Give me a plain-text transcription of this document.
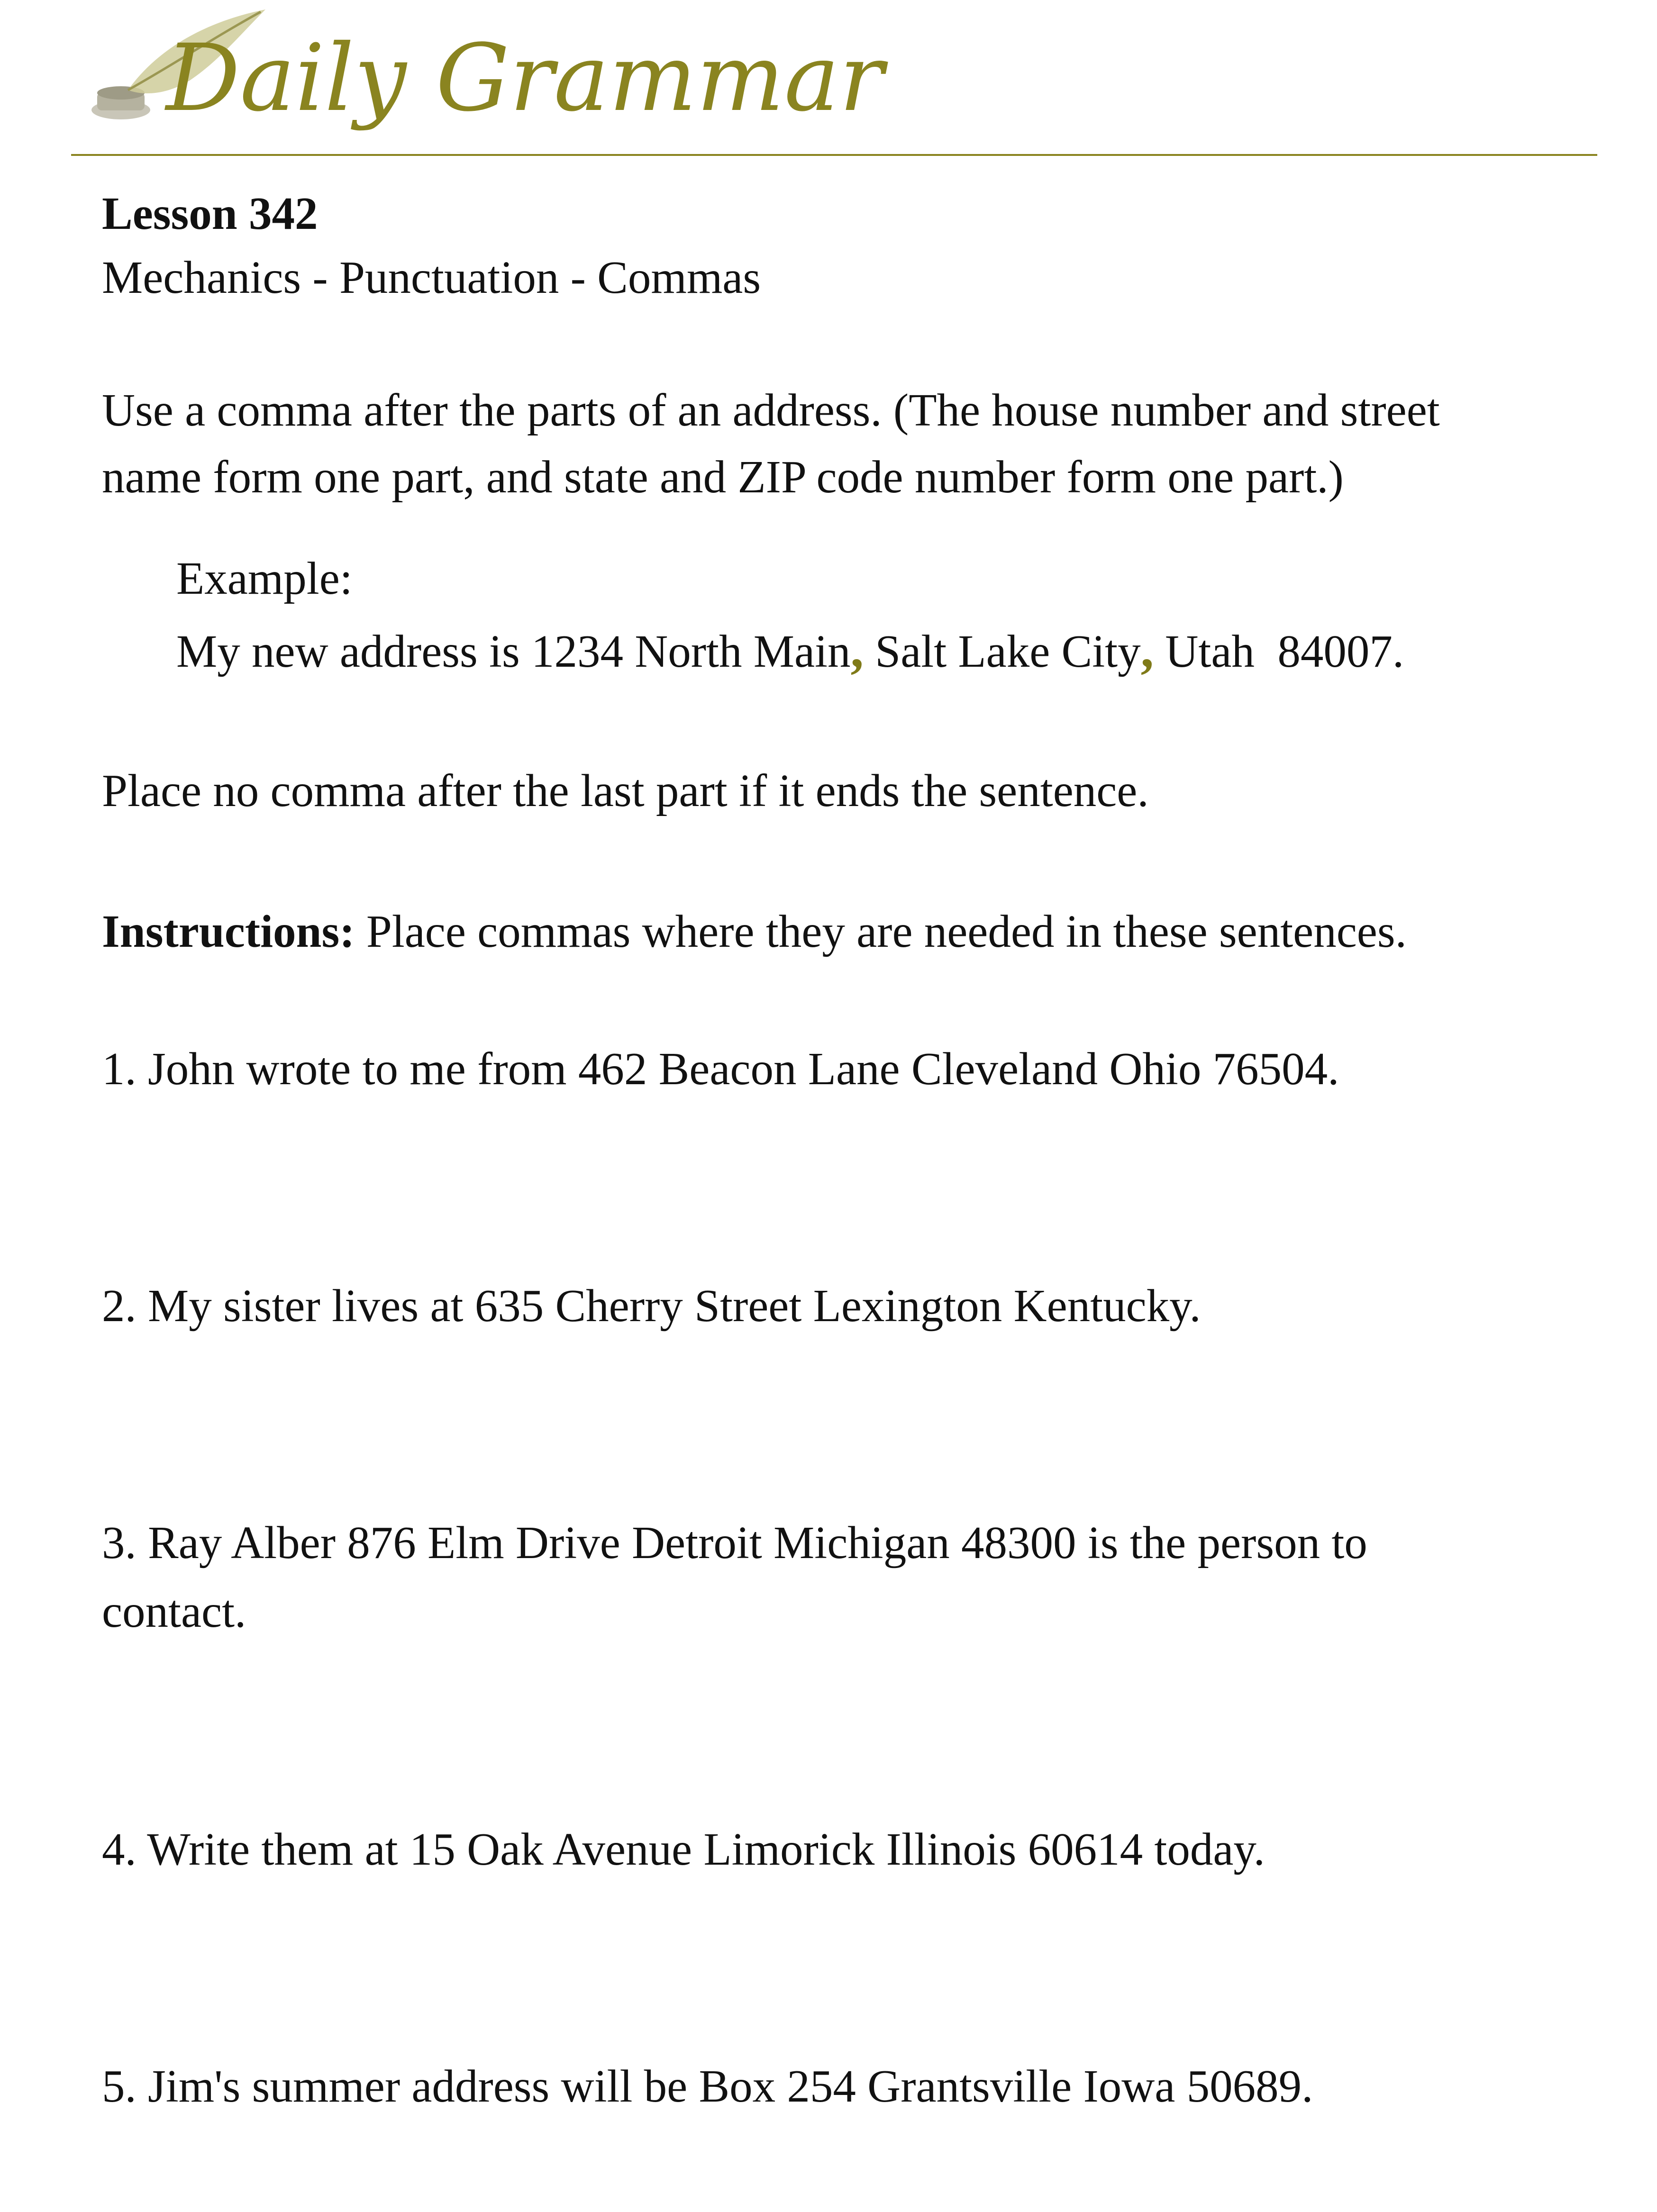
Daily Grammar

Lesson 342

Mechanics - Punctuation - Commas

Use a comma after the parts of an address. (The house number and street

name form one part, and state and ZIP code number form one part.)

Example:

My new address is 1234 North Main, Salt Lake City, Utah  84007.

Place no comma after the last part if it ends the sentence.

Instructions: Place commas where they are needed in these sentences.

1. John wrote to me from 462 Beacon Lane Cleveland Ohio 76504.

2. My sister lives at 635 Cherry Street Lexington Kentucky.

3. Ray Alber 876 Elm Drive Detroit Michigan 48300 is the person to

contact.

4. Write them at 15 Oak Avenue Limorick Illinois 60614 today.

5. Jim's summer address will be Box 254 Grantsville Iowa 50689.
